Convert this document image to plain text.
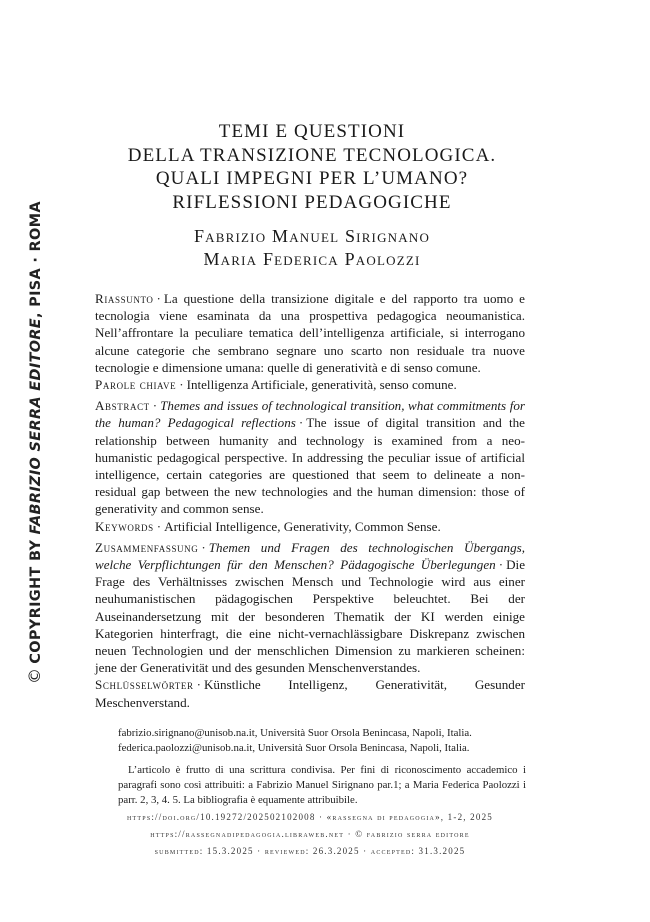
©COPYRIGHT BY FABRIZIO SERRA EDITORE, PISA · ROMA
TEMI E QUESTIONI
DELLA TRANSIZIONE TECNOLOGICA.
QUALI IMPEGNI PER L’UMANO?
RIFLESSIONI PEDAGOGICHE
Fabrizio Manuel Sirignano
Maria Federica Paolozzi

Riassunto · La questione della transizione digitale e del rapporto tra uomo e tecnologia viene esaminata da una prospettiva pedagogica neoumanistica. Nell’affrontare la peculiare tematica dell’intelligenza artificiale, si interrogano alcune categorie che sembrano segnare uno scarto non residuale tra nuove tecnologie e dimensione umana: quelle di generatività e di senso comune.

Parole chiave · Intelligenza Artificiale, generatività, senso comune.

Abstract · Themes and issues of technological transition, what commitments for the human? Pedagogical reflections · The issue of digital transition and the relationship between humanity and technology is examined from a neo-humanistic pedagogical perspective. In addressing the peculiar issue of artificial intelligence, certain categories are questioned that seem to delineate a non-residual gap between the new technologies and the human dimension: those of generativity and common sense.

Keywords · Artificial Intelligence, Generativity, Common Sense.

Zusammenfassung · Themen und Fragen des technologischen Übergangs, welche Verpflichtungen für den Menschen? Pädagogische Überlegungen · Die Frage des Verhältnisses zwischen Mensch und Technologie wird aus einer neuhumanistischen pädagogischen Perspektive beleuchtet. Bei der Auseinandersetzung mit der besonderen Thematik der KI werden einige Kategorien hinterfragt, die eine nicht-vernachlässigbare Diskrepanz zwischen neuen Technologien und der menschlichen Dimension zu markieren scheinen: jene der Generativität und des gesunden Menschenverstandes.

Schlüsselwörter · Künstliche Intelligenz, Generativität, Gesunder Meschenverstand.

fabrizio.sirignano@unisob.na.it, Università Suor Orsola Benincasa, Napoli, Italia.

federica.paolozzi@unisob.na.it, Università Suor Orsola Benincasa, Napoli, Italia.

L’articolo è frutto di una scrittura condivisa. Per fini di riconoscimento accademico i paragrafi sono così attribuiti: a Fabrizio Manuel Sirignano par.1; a Maria Federica Paolozzi i parr. 2, 3, 4. 5. La bibliografia è equamente attribuibile.

https://doi.org/10.19272/202502102008 · «rassegna di pedagogia», 1-2, 2025
https://rassegnadipedagogia.libraweb.net · © fabrizio serra editore
submitted: 15.3.2025 · reviewed: 26.3.2025 · accepted: 31.3.2025
